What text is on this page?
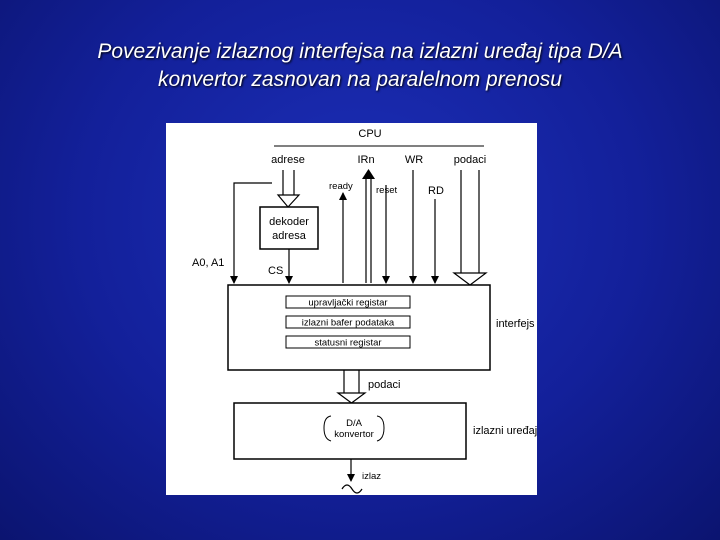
Povezivanje izlaznog interfejsa na izlazni uređaj tipa D/A
konvertor zasnovan na paralelnom prenosu
CPU
adrese	IRn	WR	podaci
A0, A1
dekoder
adresa
CS
ready reset	RD
interfejs
upravljački registar
izlazni bafer podataka
statusni registar
podaci
D/A
konvertor	izlazni uređaj
izlaz
